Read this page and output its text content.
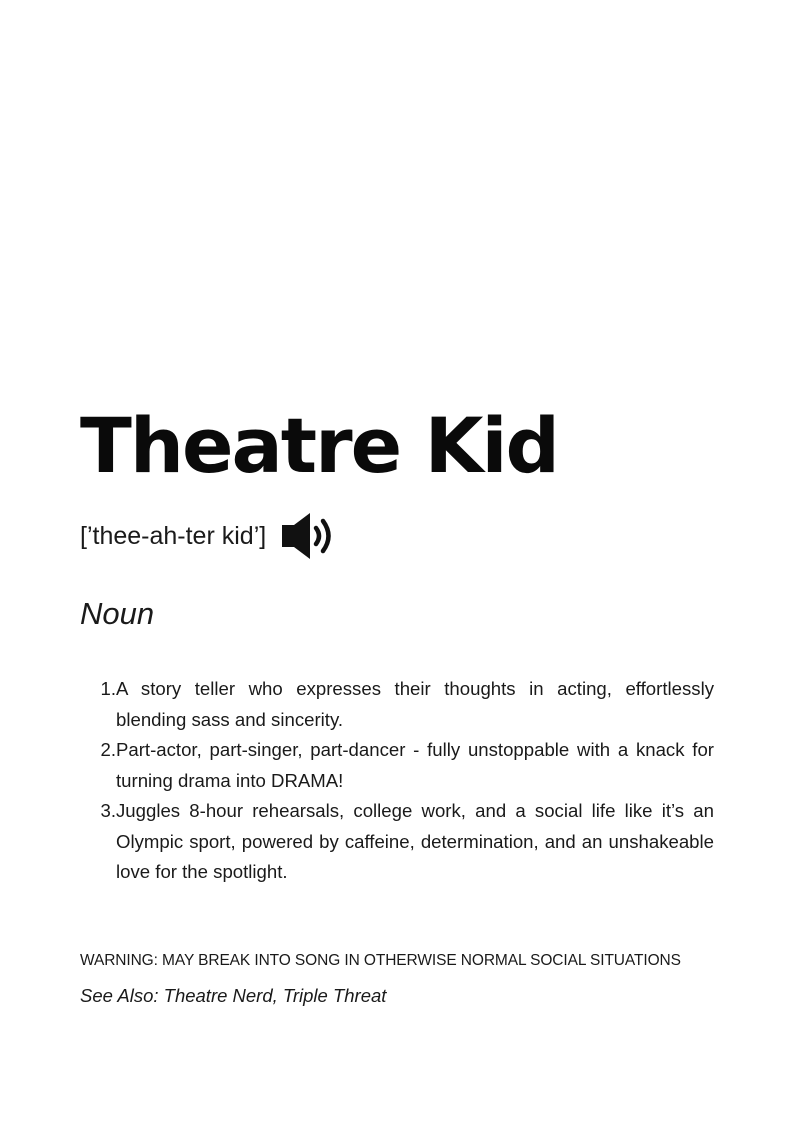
Theatre Kid
[’thee-ah-ter kid’]
Noun
1. A story teller who expresses their thoughts in acting, effortlessly blending sass and sincerity.
2. Part-actor, part-singer, part-dancer - fully unstoppable with a knack for turning drama into DRAMA!
3. Juggles 8-hour rehearsals, college work, and a social life like it’s an Olympic sport, powered by caffeine, determination, and an unshakeable love for the spotlight.
WARNING: MAY BREAK INTO SONG IN OTHERWISE NORMAL SOCIAL SITUATIONS
See Also: Theatre Nerd, Triple Threat
